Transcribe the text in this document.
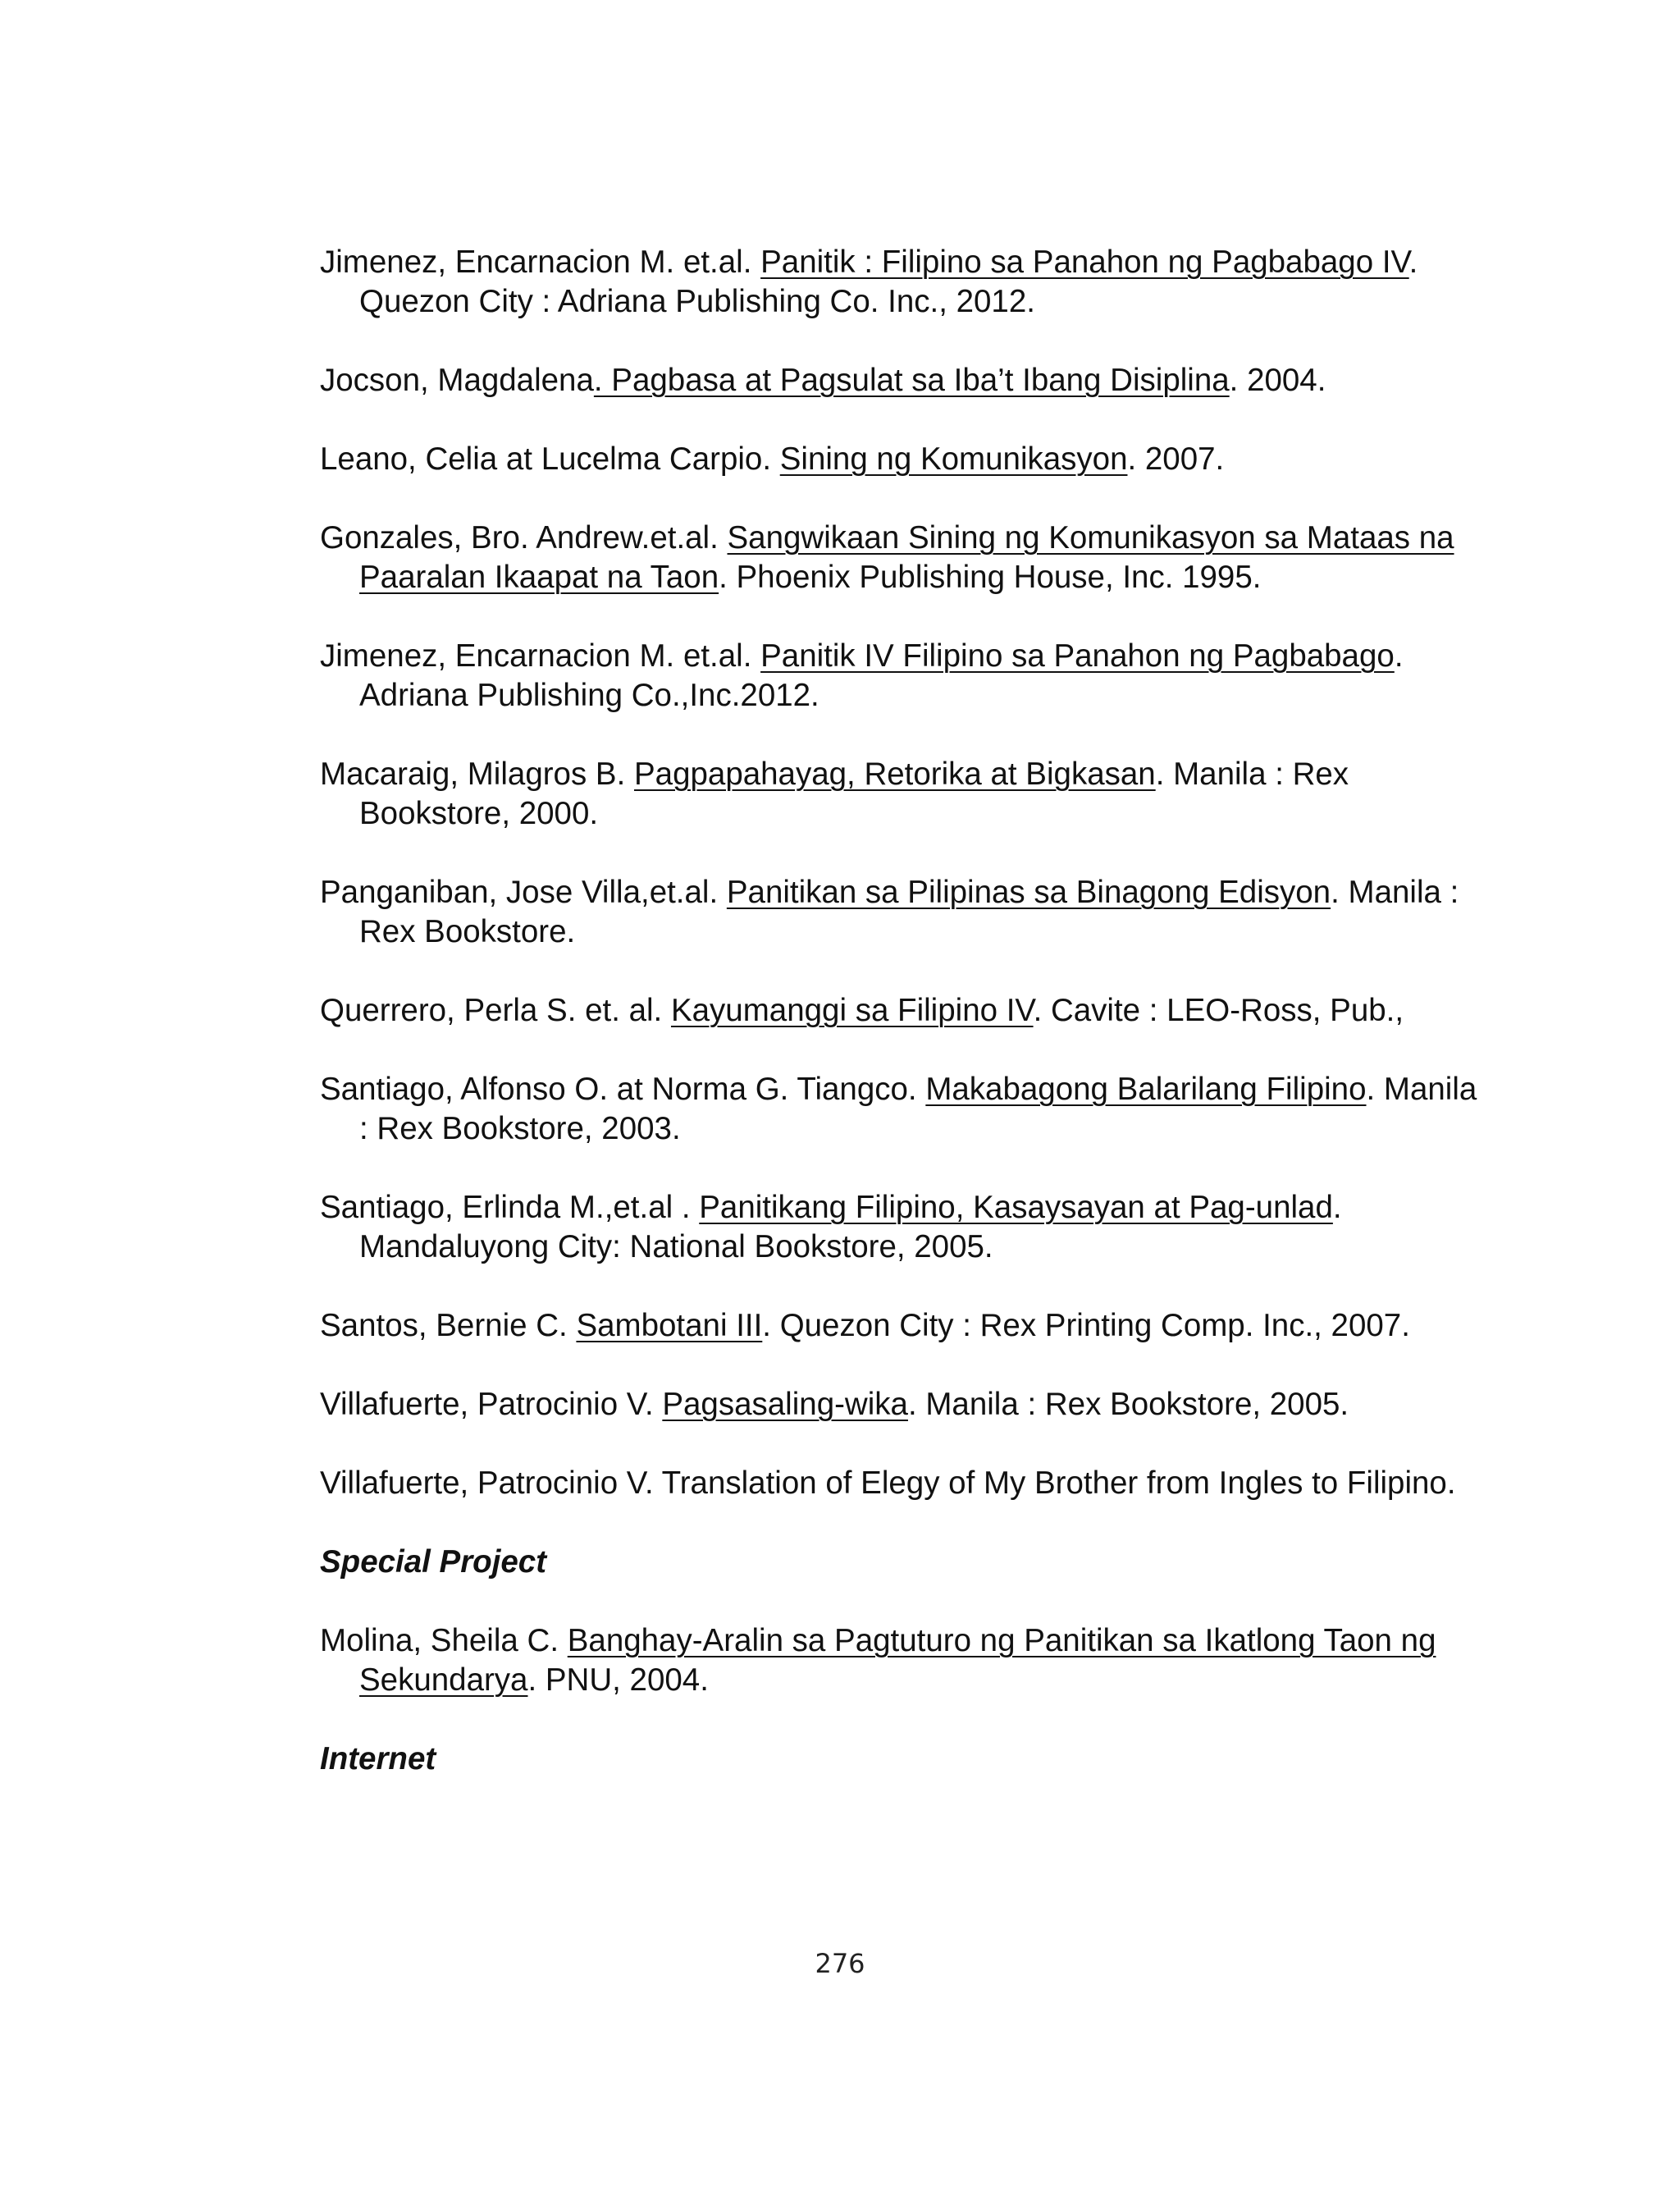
Jimenez, Encarnacion M. et.al. Panitik : Filipino sa Panahon ng Pagbabago IV. Quezon City : Adriana Publishing Co. Inc., 2012.

Jocson, Magdalena. Pagbasa at Pagsulat sa Iba’t Ibang Disiplina. 2004.

Leano, Celia at Lucelma Carpio. Sining ng Komunikasyon. 2007.

Gonzales, Bro. Andrew.et.al. Sangwikaan Sining ng Komunikasyon sa Mataas na Paaralan Ikaapat na Taon. Phoenix Publishing House, Inc. 1995.

Jimenez, Encarnacion M. et.al. Panitik IV Filipino sa Panahon ng Pagbabago. Adriana Publishing Co.,Inc.2012.

Macaraig, Milagros B. Pagpapahayag, Retorika at Bigkasan. Manila : Rex Bookstore, 2000.

Panganiban, Jose Villa,et.al. Panitikan sa Pilipinas sa Binagong Edisyon. Manila : Rex Bookstore.

Querrero, Perla S. et. al. Kayumanggi sa Filipino IV. Cavite : LEO-Ross, Pub.,

Santiago, Alfonso O. at Norma G. Tiangco. Makabagong Balarilang Filipino. Manila : Rex Bookstore, 2003.

Santiago, Erlinda M.,et.al . Panitikang Filipino, Kasaysayan at Pag-unlad. Mandaluyong City: National Bookstore, 2005.

Santos, Bernie C. Sambotani III. Quezon City : Rex Printing Comp. Inc., 2007.

Villafuerte, Patrocinio V. Pagsasaling-wika. Manila : Rex Bookstore, 2005.

Villafuerte, Patrocinio V. Translation of Elegy of My Brother from Ingles to Filipino.

Special Project

Molina, Sheila C. Banghay-Aralin sa Pagtuturo ng Panitikan sa Ikatlong Taon ng Sekundarya. PNU, 2004.

Internet

276
